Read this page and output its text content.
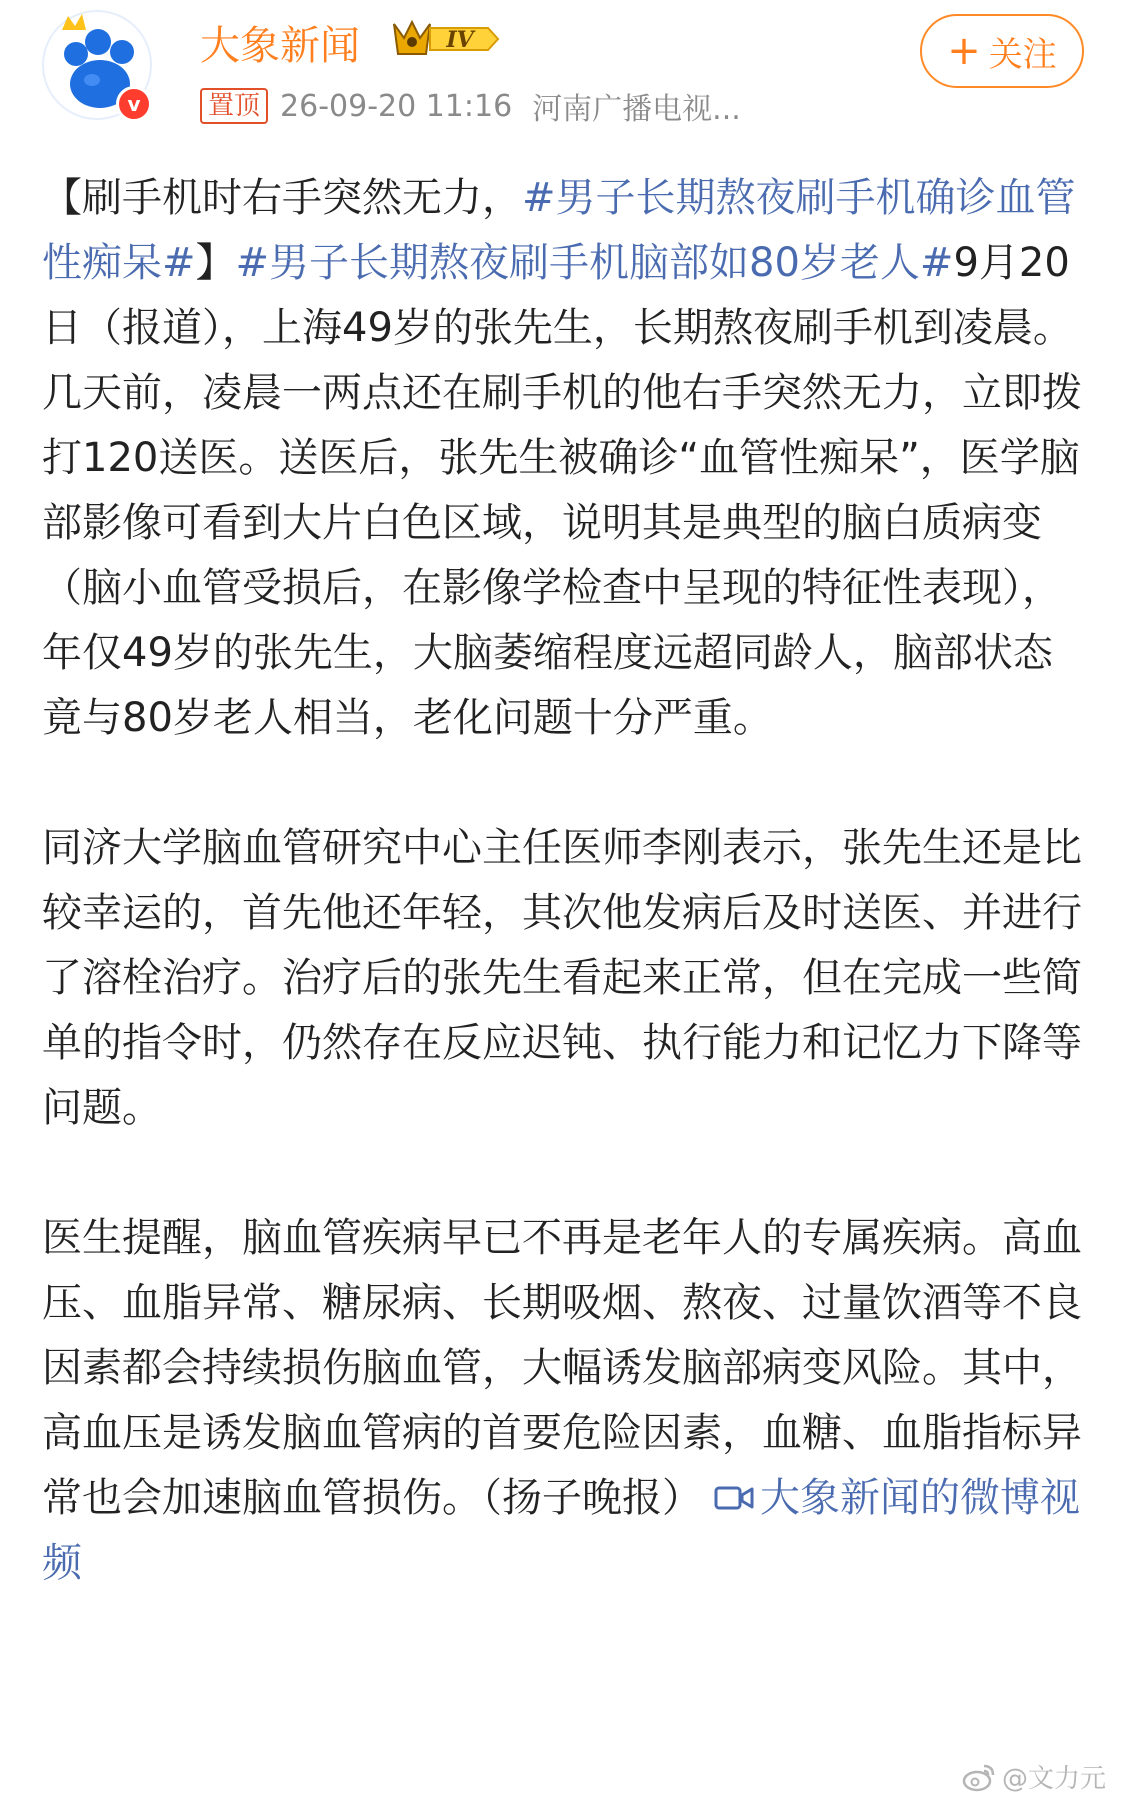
v
大象新闻	IV
置顶 26-09-20 11:16 河南广播电视...
+ 关注
【刷手机时右手突然无力，#男子长期熬夜刷手机确诊血管性痴呆#】#男子长期熬夜刷手机脑部如80岁老人#9月20日（报道），上海49岁的张先生，长期熬夜刷手机到凌晨。几天前，凌晨一两点还在刷手机的他右手突然无力，立即拨打120送医。送医后，张先生被确诊“血管性痴呆”，医学脑部影像可看到大片白色区域，说明其是典型的脑白质病变（脑小血管受损后，在影像学检查中呈现的特征性表现），年仅49岁的张先生，大脑萎缩程度远超同龄人，脑部状态竟与80岁老人相当，老化问题十分严重。
同济大学脑血管研究中心主任医师李刚表示，张先生还是比较幸运的，首先他还年轻，其次他发病后及时送医、并进行了溶栓治疗。治疗后的张先生看起来正常，但在完成一些简单的指令时，仍然存在反应迟钝、执行能力和记忆力下降等问题。
医生提醒，脑血管疾病早已不再是老年人的专属疾病。高血压、血脂异常、糖尿病、长期吸烟、熬夜、过量饮酒等不良因素都会持续损伤脑血管，大幅诱发脑部病变风险。其中，高血压是诱发脑血管病的首要危险因素，血糖、血脂指标异常也会加速脑血管损伤。（扬子晚报） 大象新闻的微博视频
@文力元
